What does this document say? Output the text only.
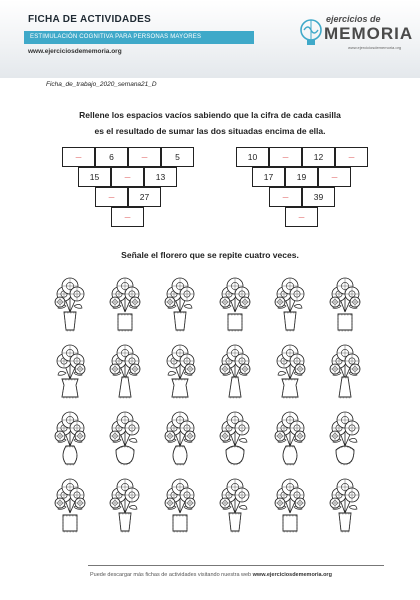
FICHA DE ACTIVIDADES
ESTIMULACIÓN COGNITIVA PARA PERSONAS MAYORES
www.ejerciciosdememoria.org
ejercicios de
MEMORIA
www.ejerciciosdememoria.org
Ficha_de_trabajo_2020_semana21_D
Rellene los espacios vacíos sabiendo que la cifra de cada casilla
es el resultado de sumar las dos situadas encima de ella.
_	6	_	5
15	_	13
_	27
_
10	_	12	_
17	19	_
_	39
_
Señale el florero que se repite cuatro veces.
Puede descargar más fichas de actividades visitando nuestra web www.ejerciciosdememoria.org
